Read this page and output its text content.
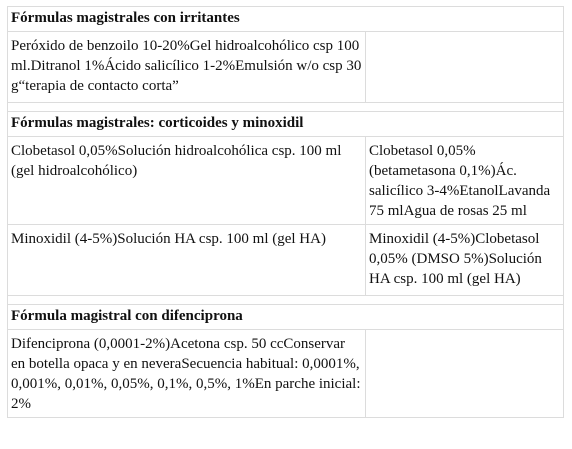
Fórmulas magistrales con irritantes	
Peróxido de benzoilo 10-20%Gel hidroalcohólico csp 100 ml.Ditranol 1%Ácido salicílico 1-2%Emulsión w/o csp 30 g“terapia de contacto corta”	

Fórmulas magistrales: corticoides y minoxidil	
Clobetasol 0,05%Solución hidroalcohólica csp. 100 ml (gel hidroalcohólico)	Clobetasol 0,05% (betametasona 0,1%)Ác. salicílico 3-4%EtanolLavanda 75 mlAgua de rosas 25 ml
Minoxidil (4-5%)Solución HA csp. 100 ml (gel HA)	Minoxidil (4-5%)Clobetasol 0,05% (DMSO 5%)Solución HA csp. 100 ml (gel HA)

Fórmula magistral con difenciprona	
Difenciprona (0,0001-2%)Acetona csp. 50 ccConservar en botella opaca y en neveraSecuencia habitual: 0,0001%, 0,001%, 0,01%, 0,05%, 0,1%, 0,5%, 1%En parche inicial: 2%	
